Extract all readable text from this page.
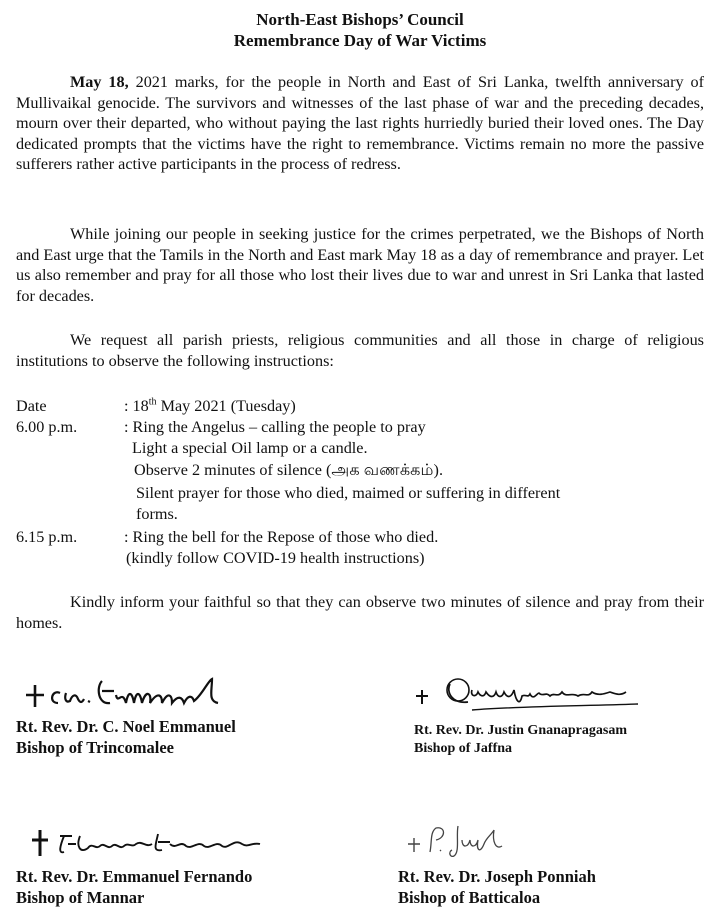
North-East Bishops’ Council
Remembrance Day of War Victims
May 18, 2021 marks, for the people in North and East of Sri Lanka, twelfth anniversary of Mullivaikal genocide. The survivors and witnesses of the last phase of war and the preceding decades, mourn over their departed, who without paying the last rights hurriedly buried their loved ones. The Day dedicated prompts that the victims have the right to remembrance. Victims remain no more the passive sufferers rather active participants in the process of redress.
While joining our people in seeking justice for the crimes perpetrated, we the Bishops of North and East urge that the Tamils in the North and East mark May 18 as a day of remembrance and prayer. Let us also remember and pray for all those who lost their lives due to war and unrest in Sri Lanka that lasted for decades.
We request all parish priests, religious communities and all those in charge of religious institutions to observe the following instructions:
Date	: 18th May 2021 (Tuesday)
6.00 p.m.	: Ring the Angelus – calling the people to pray
Light a special Oil lamp or a candle.
Observe 2 minutes of silence (அக வணக்கம்).
Silent prayer for those who died, maimed or suffering in different
forms.
6.15 p.m.	: Ring the bell for the Repose of those who died.
(kindly follow COVID-19 health instructions)
Kindly inform your faithful so that they can observe two minutes of silence and pray from their homes.
Rt. Rev. Dr. C. Noel Emmanuel
Bishop of Trincomalee
Rt. Rev. Dr. Justin Gnanapragasam
Bishop of Jaffna
Rt. Rev. Dr. Emmanuel Fernando
Bishop of Mannar
Rt. Rev. Dr. Joseph Ponniah
Bishop of Batticaloa
